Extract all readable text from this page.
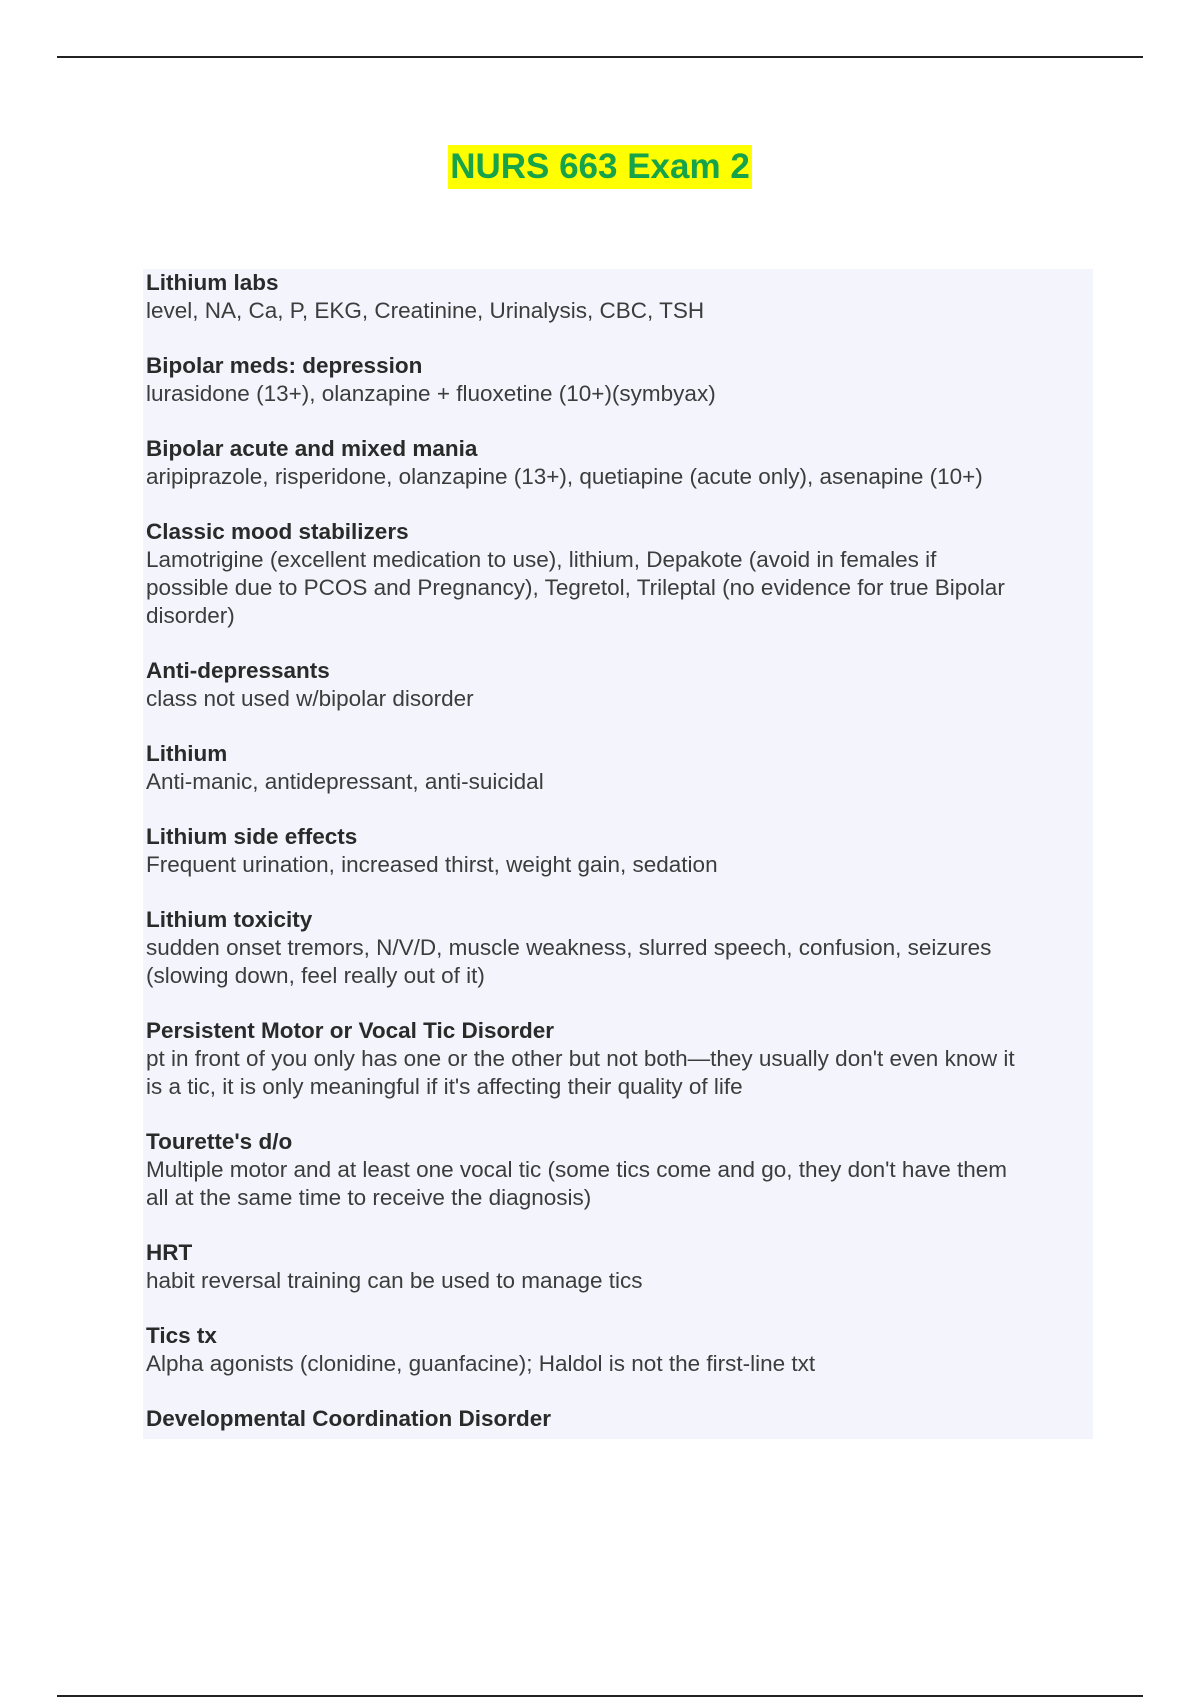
NURS 663 Exam 2
Lithium labs
level, NA, Ca, P, EKG, Creatinine, Urinalysis, CBC, TSH
Bipolar meds: depression
lurasidone (13+), olanzapine + fluoxetine (10+)(symbyax)
Bipolar acute and mixed mania
aripiprazole, risperidone, olanzapine (13+), quetiapine (acute only), asenapine (10+)
Classic mood stabilizers
Lamotrigine (excellent medication to use), lithium, Depakote (avoid in females if
possible due to PCOS and Pregnancy), Tegretol, Trileptal (no evidence for true Bipolar
disorder)
Anti-depressants
class not used w/bipolar disorder
Lithium
Anti-manic, antidepressant, anti-suicidal
Lithium side effects
Frequent urination, increased thirst, weight gain, sedation
Lithium toxicity
sudden onset tremors, N/V/D, muscle weakness, slurred speech, confusion, seizures
(slowing down, feel really out of it)
Persistent Motor or Vocal Tic Disorder
pt in front of you only has one or the other but not both—they usually don't even know it
is a tic, it is only meaningful if it's affecting their quality of life
Tourette's d/o
Multiple motor and at least one vocal tic (some tics come and go, they don't have them
all at the same time to receive the diagnosis)
HRT
habit reversal training can be used to manage tics
Tics tx
Alpha agonists (clonidine, guanfacine); Haldol is not the first-line txt
Developmental Coordination Disorder
